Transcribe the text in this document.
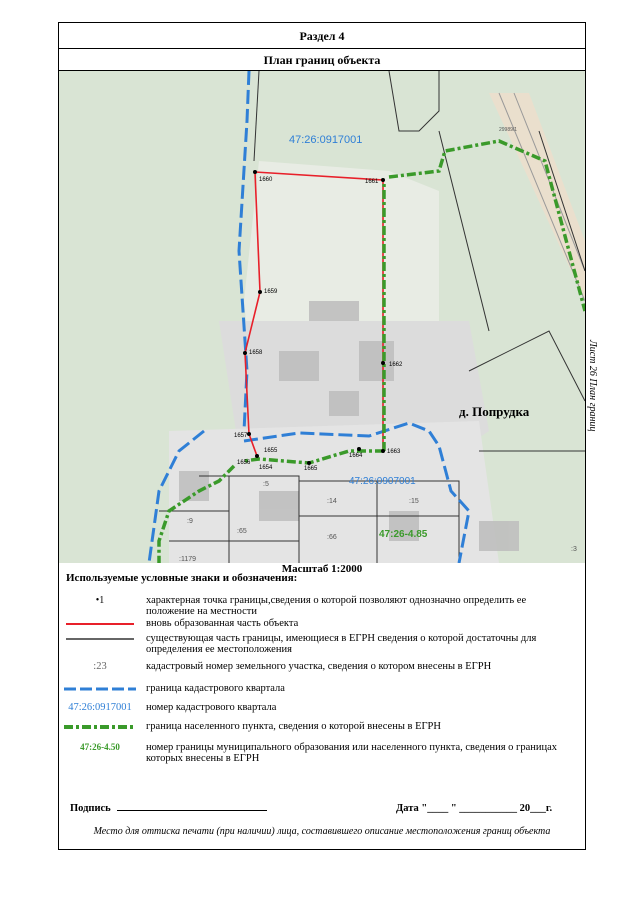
Раздел 4
План границ объекта
1660	1661
1659
1658
1662
1657
1656
1655
1654	1665
1664
1663
:5
:9
:14	:15
:65
:66
:1179
:3
29989/1
47:26:0917001
47:26:0907001
д. Попрудка
47:26-4.85
Масштаб 1:2000
Лист 26 План границ
Используемые условные знаки и обозначения:
•1	характерная точка границы,сведения о которой позволяют однозначно определить ее положение на местности
вновь образованная часть объекта
существующая часть границы, имеющиеся в ЕГРН сведения о которой достаточны для определения ее местоположения
:23	кадастровый номер земельного участка, сведения о котором внесены в ЕГРН
граница кадастрового квартала
47:26:0917001	номер кадастрового квартала
граница населенного пункта, сведения о которой внесены в ЕГРН
47:26-4.50	номер границы муниципального образования или населенного пункта, сведения о границах которых внесены в ЕГРН
Подпись	Дата "____ " ___________ 20___г.
Место для оттиска печати (при наличии) лица, составившего описание местоположения границ объекта
